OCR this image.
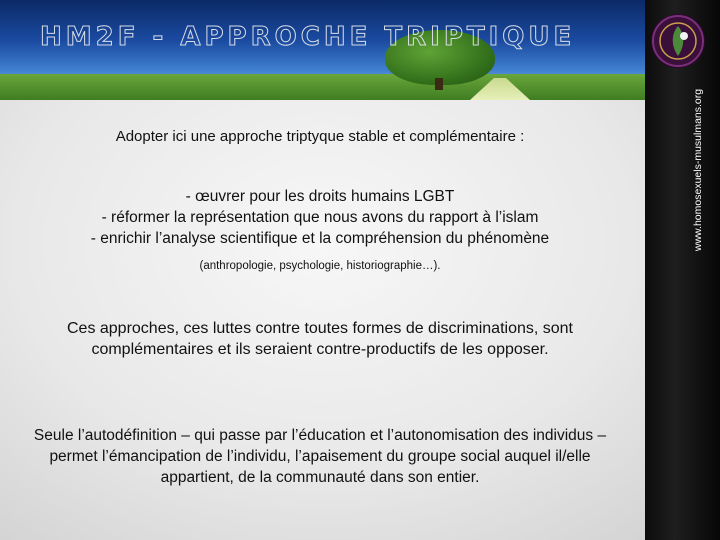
HM2F - APPROCHE TRIPTIQUE
www.homosexuels-musulmans.org
Adopter ici une approche triptyque stable et complémentaire :
- œuvrer pour les droits humains LGBT
- réformer la représentation que nous avons du rapport à l’islam
- enrichir l’analyse scientifique et la compréhension du phénomène
(anthropologie, psychologie, historiographie…).
Ces approches, ces luttes contre toutes formes de discriminations, sont complémentaires et ils seraient contre-productifs de les opposer.
Seule l’autodéfinition – qui passe par l’éducation et l’autonomisation des individus – permet l’émancipation de l’individu, l’apaisement du groupe social auquel il/elle appartient, de la communauté dans son entier.
